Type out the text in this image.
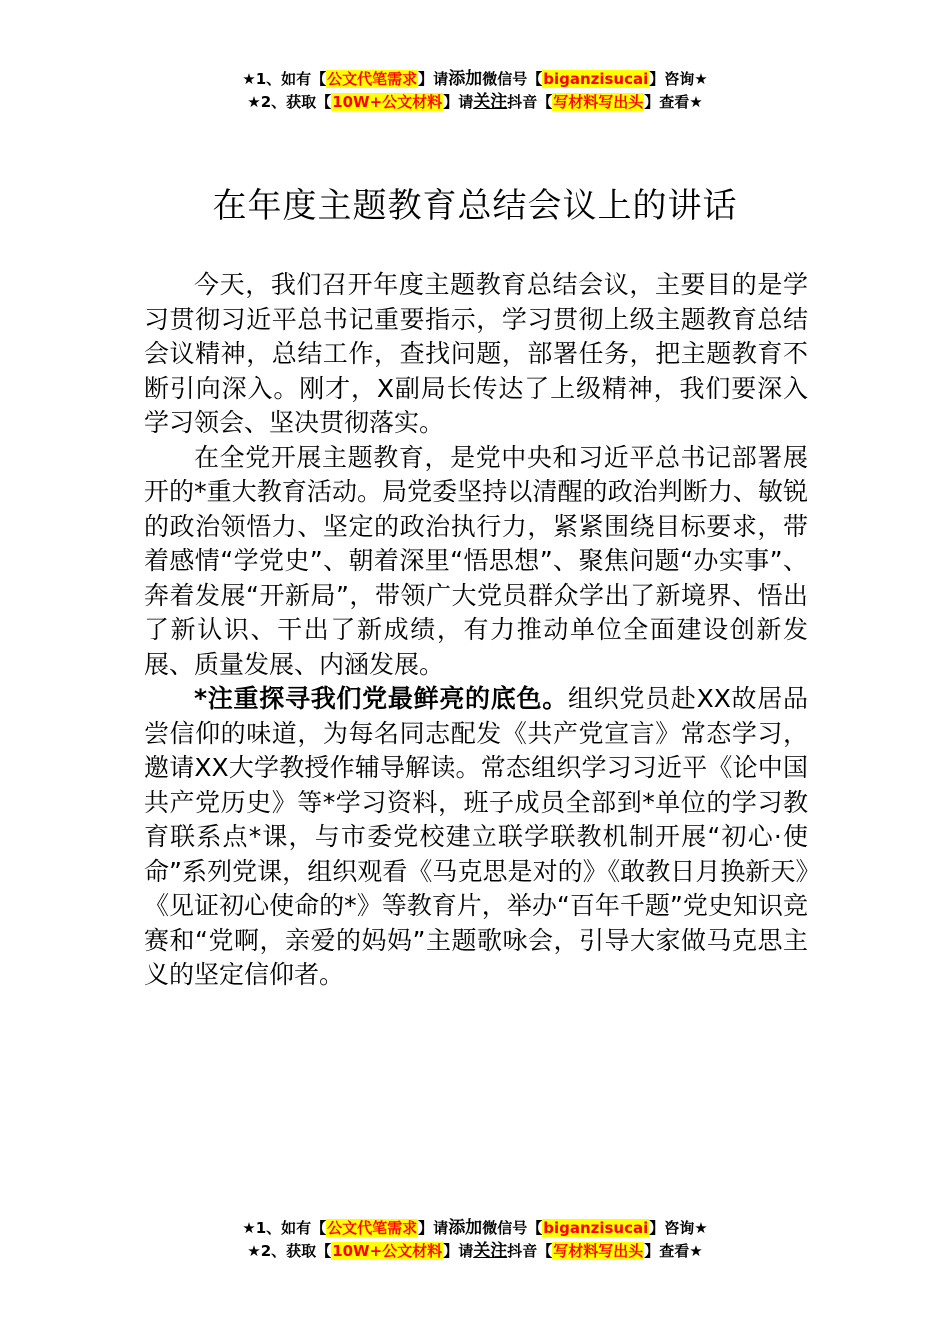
★1、如有【公文代笔需求】请添加微信号【biganzisucai】咨询★
★2、获取【10W+公文材料】请关注抖音【写材料写出头】查看★
在年度主题教育总结会议上的讲话

今天，我们召开年度主题教育总结会议，主要目的是学习贯彻习近平总书记重要指示，学习贯彻上级主题教育总结会议精神，总结工作，查找问题，部署任务，把主题教育不断引向深入。刚才，X副局长传达了上级精神，我们要深入学习领会、坚决贯彻落实。

在全党开展主题教育，是党中央和习近平总书记部署展开的*重大教育活动。局党委坚持以清醒的政治判断力、敏锐的政治领悟力、坚定的政治执行力，紧紧围绕目标要求，带着感情“学党史”、朝着深里“悟思想”、聚焦问题“办实事”、奔着发展“开新局”，带领广大党员群众学出了新境界、悟出了新认识、干出了新成绩，有力推动单位全面建设创新发展、质量发展、内涵发展。

*注重探寻我们党最鲜亮的底色。组织党员赴XX故居品尝信仰的味道，为每名同志配发《共产党宣言》常态学习，邀请XX大学教授作辅导解读。常态组织学习习近平《论中国共产党历史》等*学习资料，班子成员全部到*单位的学习教育联系点*课，与市委党校建立联学联教机制开展“初心·使命”系列党课，组织观看《马克思是对的》《敢教日月换新天》《见证初心使命的*》等教育片，举办“百年千题”党史知识竞赛和“党啊，亲爱的妈妈”主题歌咏会，引导大家做马克思主义的坚定信仰者。

★1、如有【公文代笔需求】请添加微信号【biganzisucai】咨询★
★2、获取【10W+公文材料】请关注抖音【写材料写出头】查看★
